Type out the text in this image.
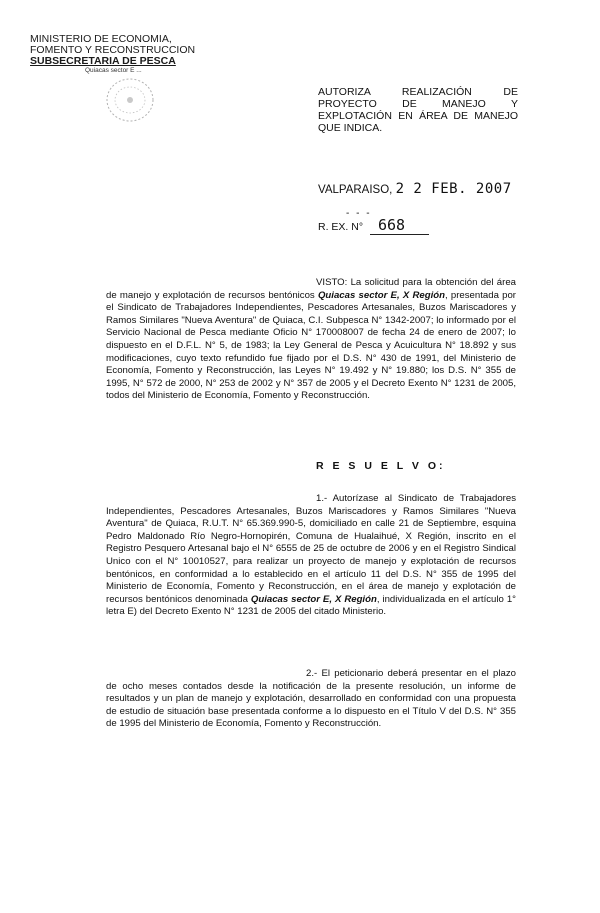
MINISTERIO DE ECONOMIA,
FOMENTO Y RECONSTRUCCION
SUBSECRETARIA DE PESCA
Quiacas sector E ...
AUTORIZA REALIZACIÓN DE PROYECTO DE MANEJO Y EXPLOTACIÓN EN ÁREA DE MANEJO QUE INDICA.
VALPARAISO, 2 2 FEB. 2007
- - -
R. EX. N° 668
VISTO: La solicitud para la obtención del área de manejo y explotación de recursos bentónicos Quiacas sector E, X Región, presentada por el Sindicato de Trabajadores Independientes, Pescadores Artesanales, Buzos Mariscadores y Ramos Similares "Nueva Aventura" de Quiaca, C.I. Subpesca N° 1342-2007; lo informado por el Servicio Nacional de Pesca mediante Oficio N° 170008007 de fecha 24 de enero de 2007; lo dispuesto en el D.F.L. N° 5, de 1983; la Ley General de Pesca y Acuicultura N° 18.892 y sus modificaciones, cuyo texto refundido fue fijado por el D.S. N° 430 de 1991, del Ministerio de Economía, Fomento y Reconstrucción, las Leyes N° 19.492 y N° 19.880; los D.S. N° 355 de 1995, N° 572 de 2000, N° 253 de 2002 y N° 357 de 2005 y el Decreto Exento N° 1231 de 2005, todos del Ministerio de Economía, Fomento y Reconstrucción.
R E S U E L V O:
1.- Autorízase al Sindicato de Trabajadores Independientes, Pescadores Artesanales, Buzos Mariscadores y Ramos Similares "Nueva Aventura" de Quiaca, R.U.T. N° 65.369.990-5, domiciliado en calle 21 de Septiembre, esquina Pedro Maldonado Río Negro-Hornopirén, Comuna de Hualaihué, X Región, inscrito en el Registro Pesquero Artesanal bajo el N° 6555 de 25 de octubre de 2006 y en el Registro Sindical Unico con el N° 10010527, para realizar un proyecto de manejo y explotación de recursos bentónicos, en conformidad a lo establecido en el artículo 11 del D.S. N° 355 de 1995 del Ministerio de Economía, Fomento y Reconstrucción, en el área de manejo y explotación de recursos bentónicos denominada Quiacas sector E, X Región, individualizada en el artículo 1° letra E) del Decreto Exento N° 1231 de 2005 del citado Ministerio.
2.- El peticionario deberá presentar en el plazo de ocho meses contados desde la notificación de la presente resolución, un informe de resultados y un plan de manejo y explotación, desarrollado en conformidad con una propuesta de estudio de situación base presentada conforme a lo dispuesto en el Título V del D.S. N° 355 de 1995 del Ministerio de Economía, Fomento y Reconstrucción.
